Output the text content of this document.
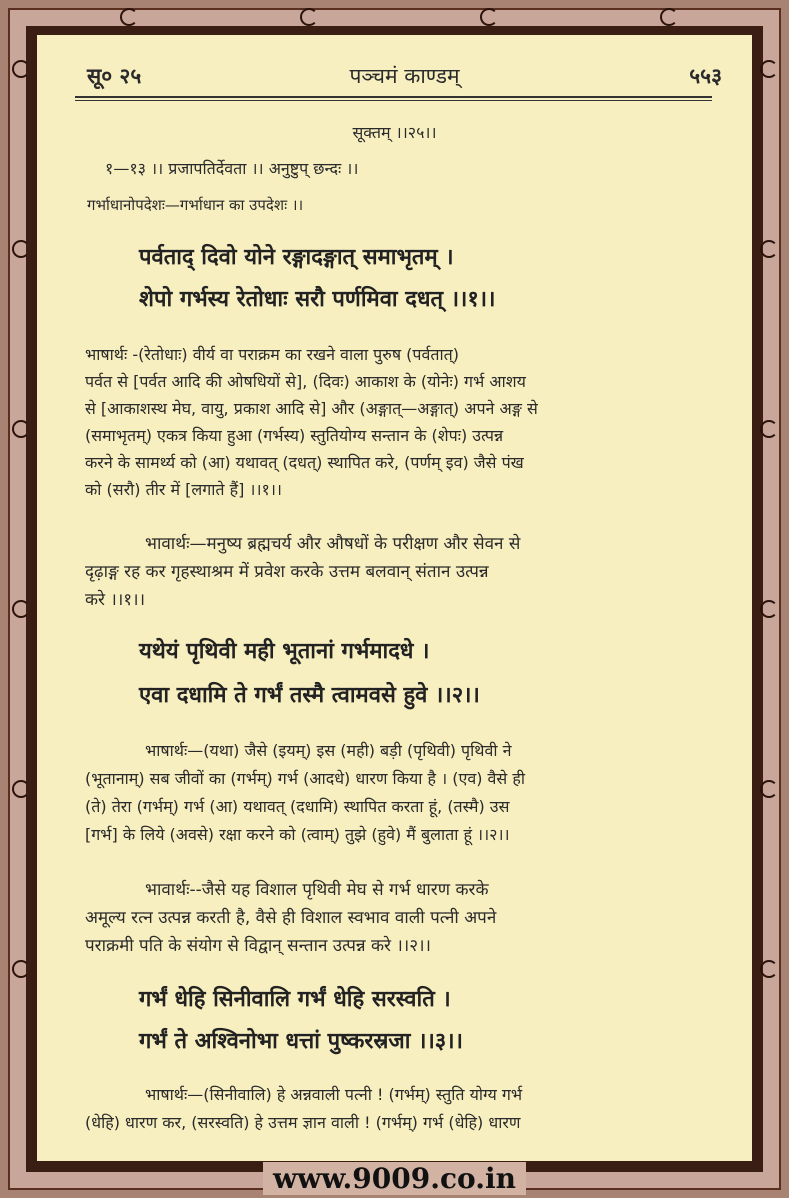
सू० २५	पञ्चमं काण्डम्	५५३
सूक्तम् ।।२५।।
१—१३ ।। प्रजापतिर्देवता ।। अनुष्टुप् छन्दः ।।
गर्भाधानोपदेशः—गर्भाधान का उपदेशः ।।
पर्वताद् दिवो योने रङ्गादङ्गात् समाभृतम् ।
शेपो गर्भस्य रेतोधाः सरौ पर्णमिवा दधत् ।।१।।
भाषार्थः -(रेतोधाः) वीर्य वा पराक्रम का रखने वाला पुरुष (पर्वतात्)
पर्वत से [पर्वत आदि की ओषधियों से], (दिवः) आकाश के (योनेः) गर्भ आशय
से [आकाशस्थ मेघ, वायु, प्रकाश आदि से] और (अङ्गात्—अङ्गात्) अपने अङ्ग से
(समाभृतम्) एकत्र किया हुआ (गर्भस्य) स्तुतियोग्य सन्तान के (शेपः) उत्पन्न
करने के सामर्थ्य को (आ) यथावत् (दधत्) स्थापित करे, (पर्णम् इव) जैसे पंख
को (सरौ) तीर में [लगाते हैं] ।।१।।
भावार्थः—मनुष्य ब्रह्मचर्य और औषधों के परीक्षण और सेवन से
दृढ़ाङ्ग रह कर गृहस्थाश्रम में प्रवेश करके उत्तम बलवान् संतान उत्पन्न
करे ।।१।।
यथेयं पृथिवी मही भूतानां गर्भमादधे ।
एवा दधामि ते गर्भं तस्मै त्वामवसे हुवे ।।२।।
भाषार्थः—(यथा) जैसे (इयम्) इस (मही) बड़ी (पृथिवी) पृथिवी ने
(भूतानाम्) सब जीवों का (गर्भम्) गर्भ (आदधे) धारण किया है । (एव) वैसे ही
(ते) तेरा (गर्भम्) गर्भ (आ) यथावत् (दधामि) स्थापित करता हूं, (तस्मै) उस
[गर्भ] के लिये (अवसे) रक्षा करने को (त्वाम्) तुझे (हुवे) मैं बुलाता हूं ।।२।।
भावार्थः--जैसे यह विशाल पृथिवी मेघ से गर्भ धारण करके
अमूल्य रत्न उत्पन्न करती है, वैसे ही विशाल स्वभाव वाली पत्नी अपने
पराक्रमी पति के संयोग से विद्वान् सन्तान उत्पन्न करे ।।२।।
गर्भं धेहि सिनीवालि गर्भं धेहि सरस्वति ।
गर्भं ते अश्विनोभा धत्तां पुष्करस्रजा ।।३।।
भाषार्थः—(सिनीवालि) हे अन्नवाली पत्नी ! (गर्भम्) स्तुति योग्य गर्भ
(धेहि) धारण कर, (सरस्वति) हे उत्तम ज्ञान वाली ! (गर्भम्) गर्भ (धेहि) धारण
www.9009.co.in
